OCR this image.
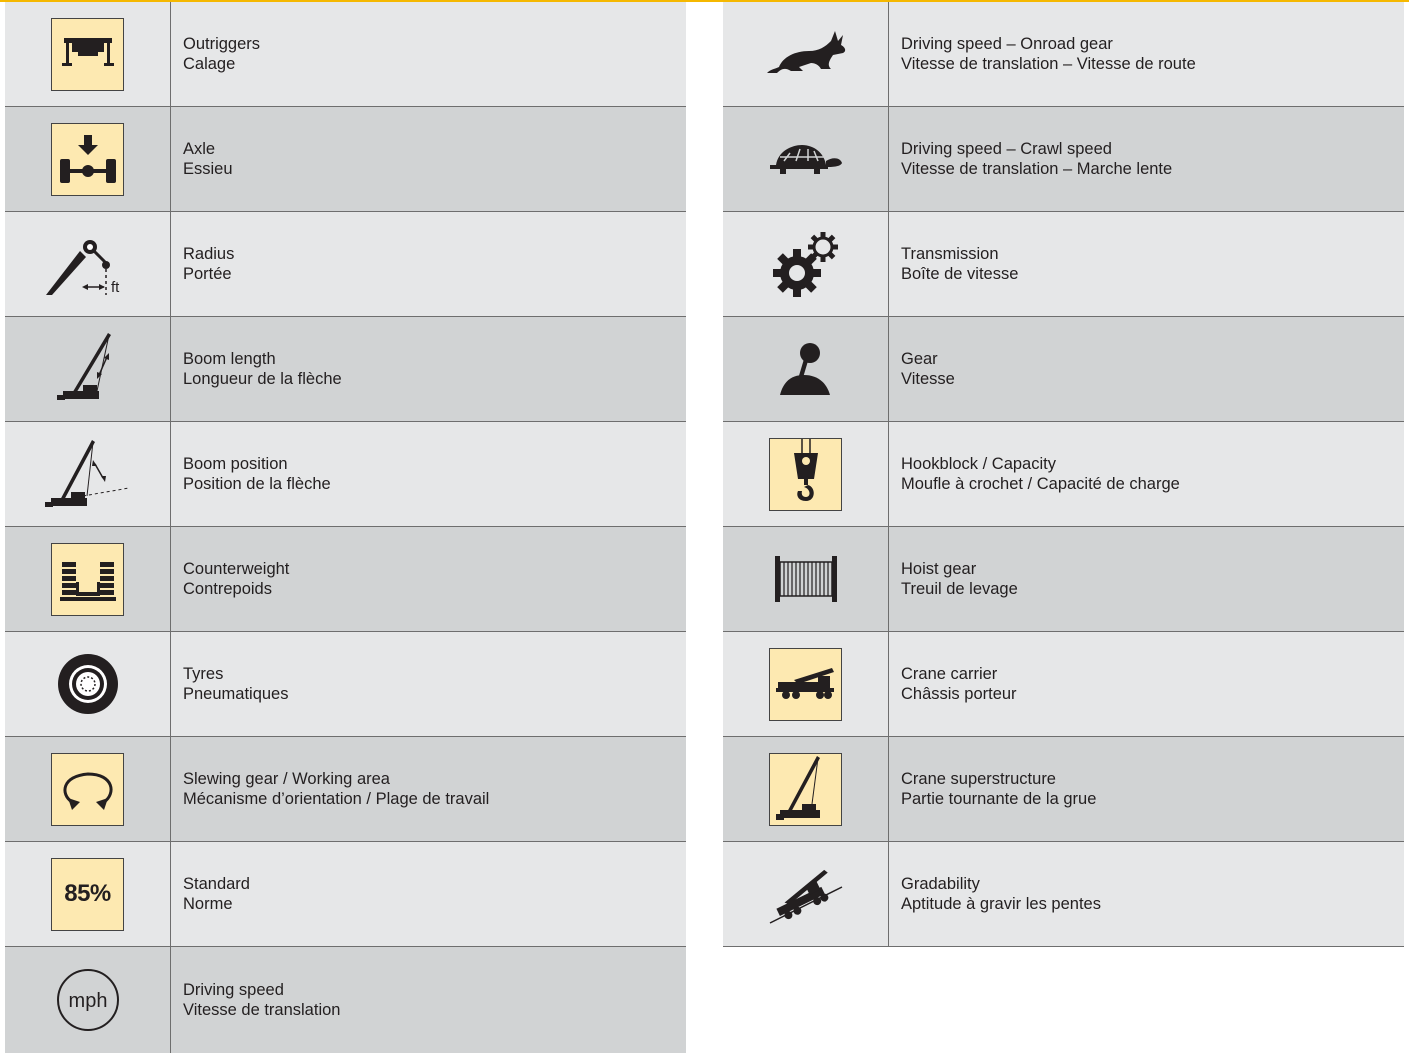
Outriggers
Calage
Axle
Essieu
ft
Radius
Portée
Boom length
Longueur de la flèche
Boom position
Position de la flèche
Counterweight
Contrepoids
Tyres
Pneumatiques
Slewing gear / Working area
Mécanisme d’orientation / Plage de travail
85%	Standard
Norme
mph	Driving speed
Vitesse de translation
Driving speed – Onroad gear
Vitesse de translation – Vitesse de route
Driving speed – Crawl speed
Vitesse de translation – Marche lente
Transmission
Boîte de vitesse
Gear
Vitesse
Hookblock / Capacity
Moufle à crochet / Capacité de charge
Hoist gear
Treuil de levage
Crane carrier
Châssis porteur
Crane superstructure
Partie tournante de la grue
Gradability
Aptitude à gravir les pentes
